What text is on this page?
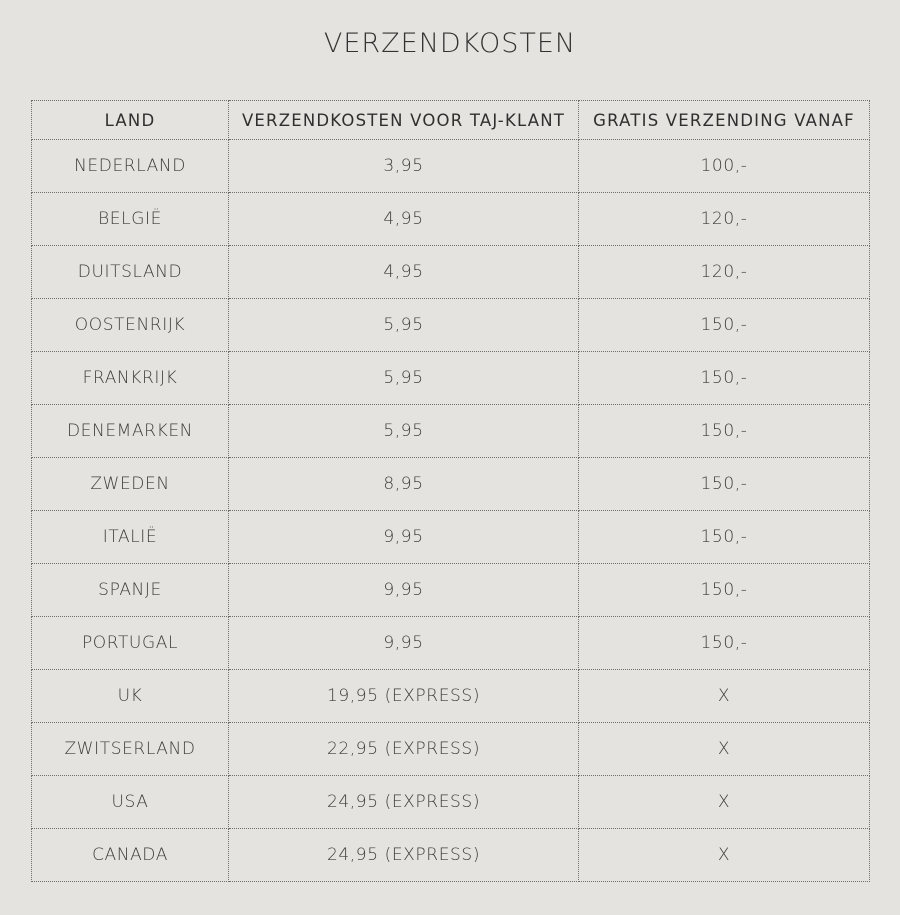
VERZENDKOSTEN
LAND	VERZENDKOSTEN VOOR TAJ-KLANT	GRATIS VERZENDING VANAF
NEDERLAND	3,95	100,-
BELGIË	4,95	120,-
DUITSLAND	4,95	120,-
OOSTENRIJK	5,95	150,-
FRANKRIJK	5,95	150,-
DENEMARKEN	5,95	150,-
ZWEDEN	8,95	150,-
ITALIË	9,95	150,-
SPANJE	9,95	150,-
PORTUGAL	9,95	150,-
UK	19,95 (EXPRESS)	X
ZWITSERLAND	22,95 (EXPRESS)	X
USA	24,95 (EXPRESS)	X
CANADA	24,95 (EXPRESS)	X
